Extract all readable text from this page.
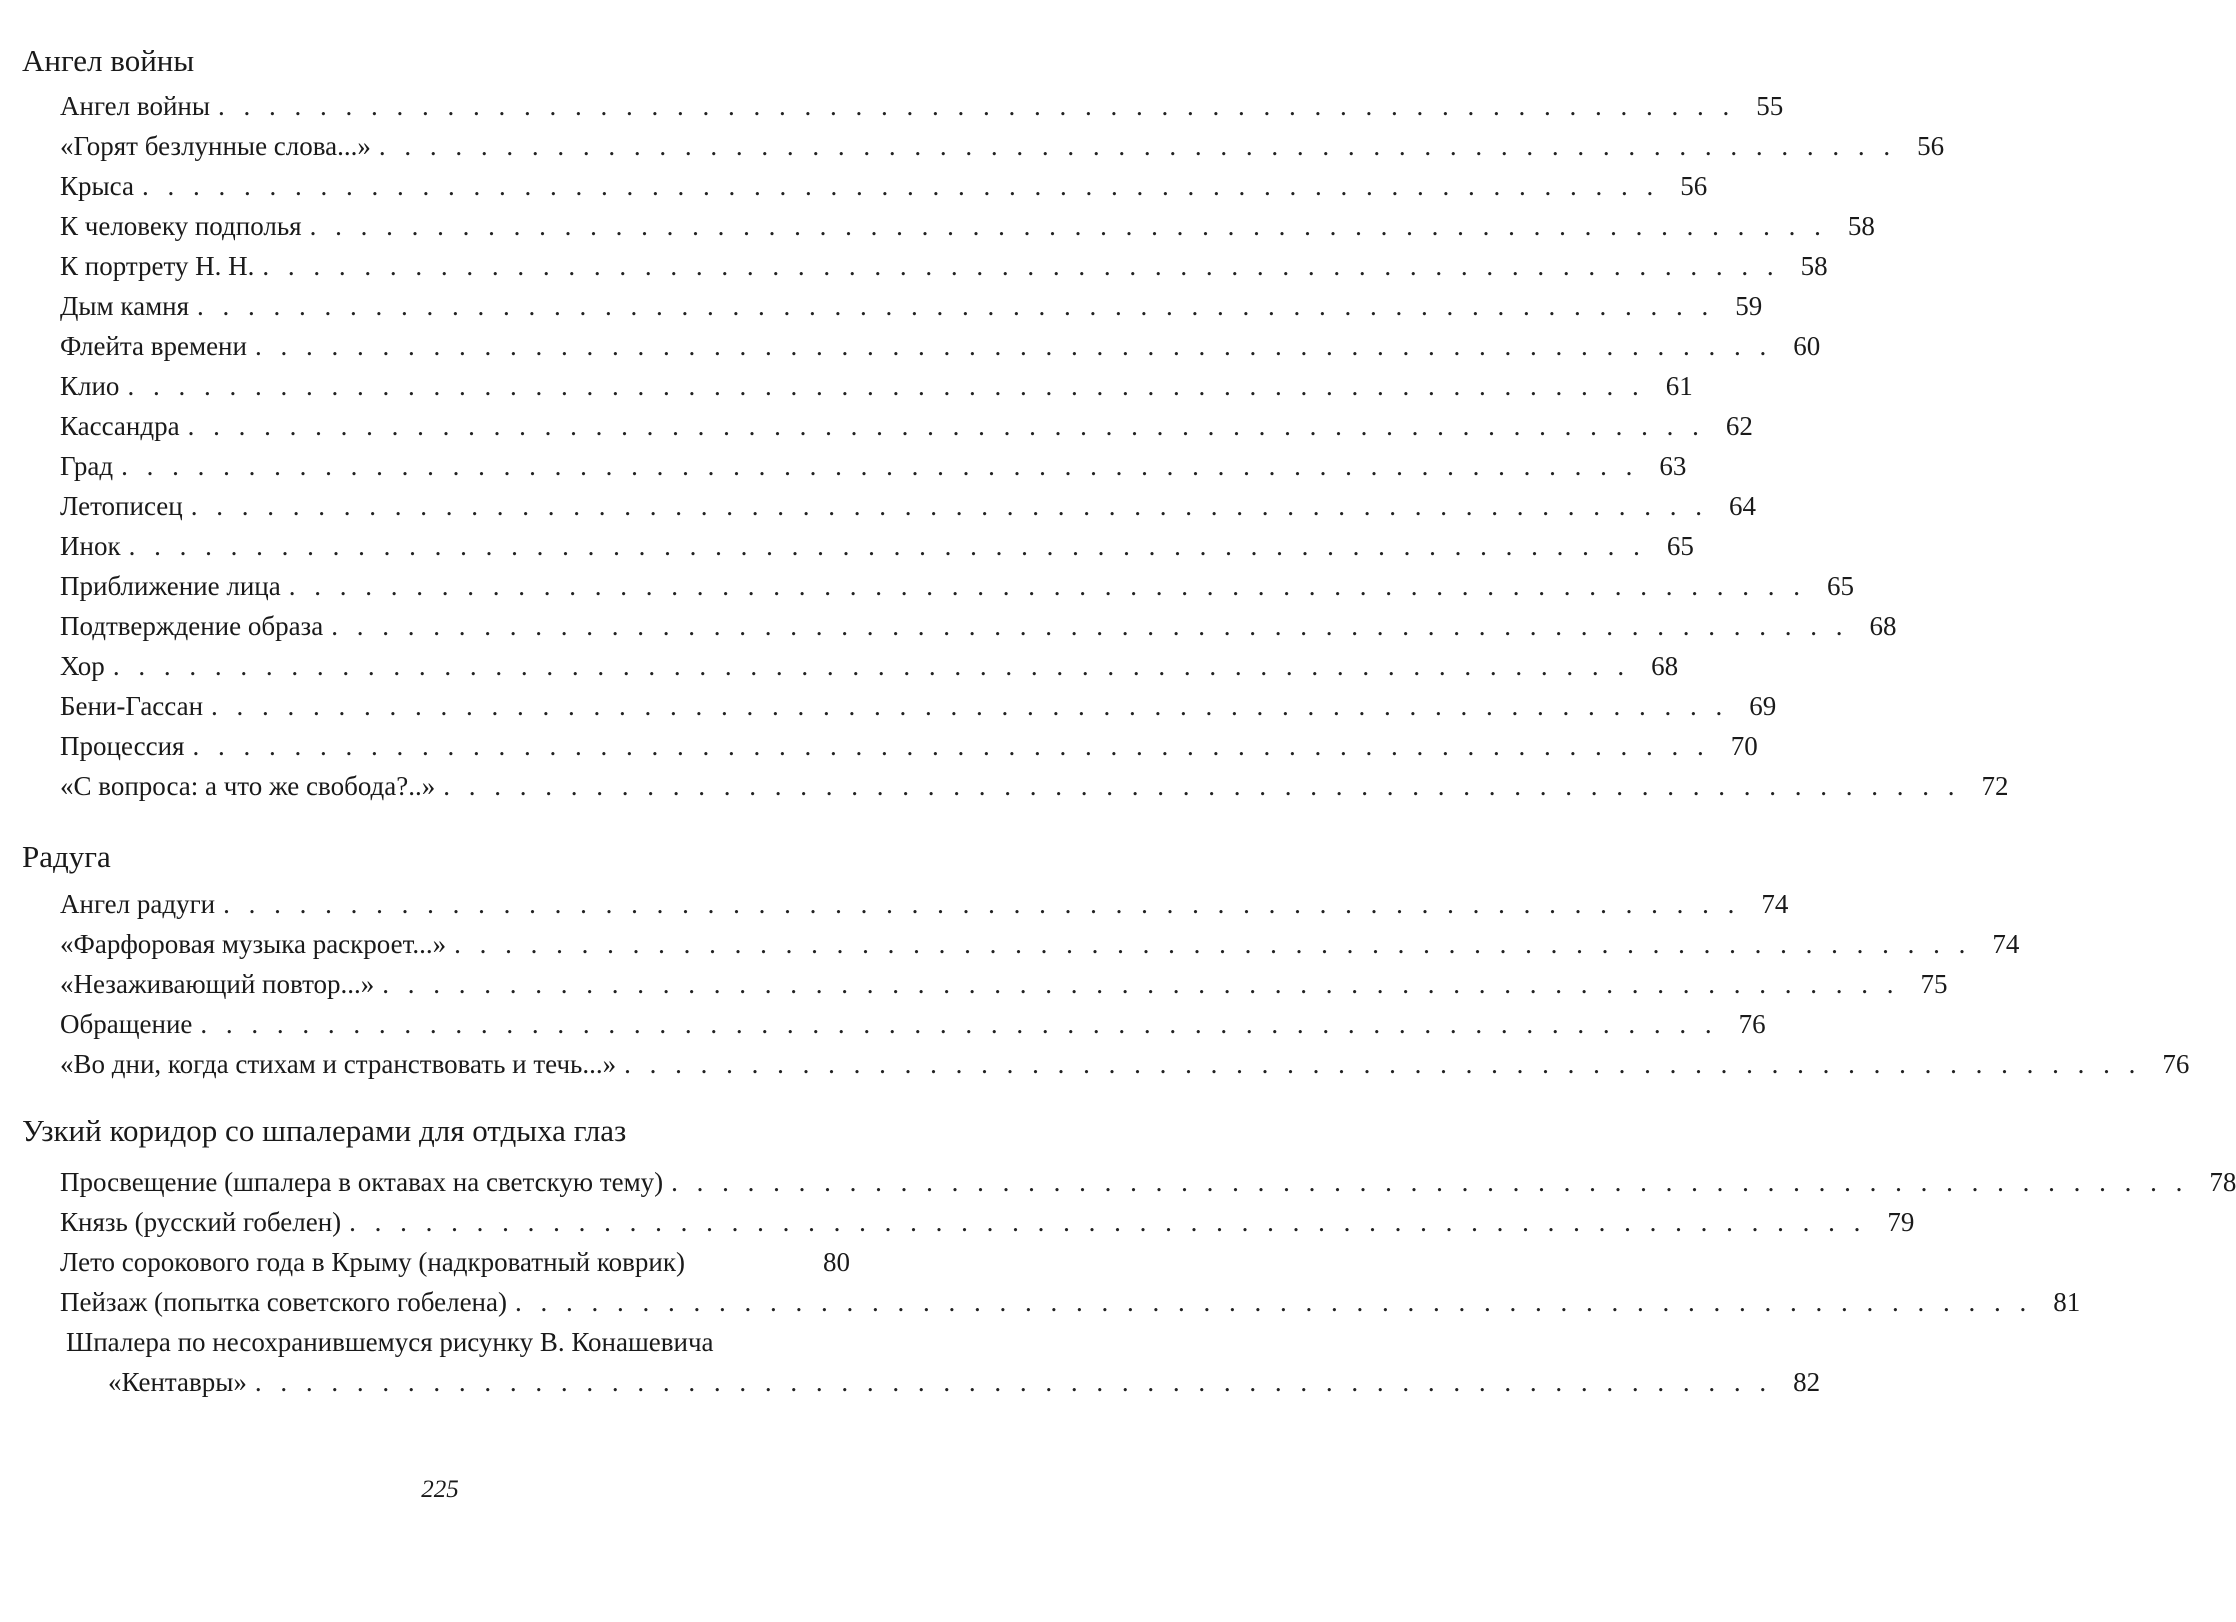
Ангел войны
Ангел войны . . . . . . . . . . . . . . . . . . . . . . . . . . . . . . . . . . . . . . . . . . . . . . . . . . . . . . . . . . . . 55
«Горят безлунные слова...» . . . . . . . . . . . . . . . . . . . . . . . . . . . . . . . . . . . . . . . . . . . . . . . . . . . . . . . . . . . . 56
Крыса . . . . . . . . . . . . . . . . . . . . . . . . . . . . . . . . . . . . . . . . . . . . . . . . . . . . . . . . . . . . 56
К человеку подполья . . . . . . . . . . . . . . . . . . . . . . . . . . . . . . . . . . . . . . . . . . . . . . . . . . . . . . . . . . . . 58
К портрету Н. Н. . . . . . . . . . . . . . . . . . . . . . . . . . . . . . . . . . . . . . . . . . . . . . . . . . . . . . . . . . . . . 58
Дым камня . . . . . . . . . . . . . . . . . . . . . . . . . . . . . . . . . . . . . . . . . . . . . . . . . . . . . . . . . . . . 59
Флейта времени . . . . . . . . . . . . . . . . . . . . . . . . . . . . . . . . . . . . . . . . . . . . . . . . . . . . . . . . . . . . 60
Клио . . . . . . . . . . . . . . . . . . . . . . . . . . . . . . . . . . . . . . . . . . . . . . . . . . . . . . . . . . . . 61
Кассандра . . . . . . . . . . . . . . . . . . . . . . . . . . . . . . . . . . . . . . . . . . . . . . . . . . . . . . . . . . . . 62
Град . . . . . . . . . . . . . . . . . . . . . . . . . . . . . . . . . . . . . . . . . . . . . . . . . . . . . . . . . . . . 63
Летописец . . . . . . . . . . . . . . . . . . . . . . . . . . . . . . . . . . . . . . . . . . . . . . . . . . . . . . . . . . . . 64
Инок . . . . . . . . . . . . . . . . . . . . . . . . . . . . . . . . . . . . . . . . . . . . . . . . . . . . . . . . . . . . 65
Приближение лица . . . . . . . . . . . . . . . . . . . . . . . . . . . . . . . . . . . . . . . . . . . . . . . . . . . . . . . . . . . . 65
Подтверждение образа . . . . . . . . . . . . . . . . . . . . . . . . . . . . . . . . . . . . . . . . . . . . . . . . . . . . . . . . . . . . 68
Хор . . . . . . . . . . . . . . . . . . . . . . . . . . . . . . . . . . . . . . . . . . . . . . . . . . . . . . . . . . . . 68
Бени-Гассан . . . . . . . . . . . . . . . . . . . . . . . . . . . . . . . . . . . . . . . . . . . . . . . . . . . . . . . . . . . . 69
Процессия . . . . . . . . . . . . . . . . . . . . . . . . . . . . . . . . . . . . . . . . . . . . . . . . . . . . . . . . . . . . 70
«С вопроса: а что же свобода?..» . . . . . . . . . . . . . . . . . . . . . . . . . . . . . . . . . . . . . . . . . . . . . . . . . . . . . . . . . . . . 72
Радуга
Ангел радуги . . . . . . . . . . . . . . . . . . . . . . . . . . . . . . . . . . . . . . . . . . . . . . . . . . . . . . . . . . . . 74
«Фарфоровая музыка раскроет...» . . . . . . . . . . . . . . . . . . . . . . . . . . . . . . . . . . . . . . . . . . . . . . . . . . . . . . . . . . . . 74
«Незаживающий повтор...» . . . . . . . . . . . . . . . . . . . . . . . . . . . . . . . . . . . . . . . . . . . . . . . . . . . . . . . . . . . . 75
Обращение . . . . . . . . . . . . . . . . . . . . . . . . . . . . . . . . . . . . . . . . . . . . . . . . . . . . . . . . . . . . 76
«Во дни, когда стихам и странствовать и течь...» . . . . . . . . . . . . . . . . . . . . . . . . . . . . . . . . . . . . . . . . . . . . . . . . . . . . . . . . . . . . 76
Узкий коридор со шпалерами для отдыха глаз
Просвещение (шпалера в октавах на светскую тему) . . . . . . . . . . . . . . . . . . . . . . . . . . . . . . . . . . . . . . . . . . . . . . . . . . . . . . . . . . . . 78
Князь (русский гобелен) . . . . . . . . . . . . . . . . . . . . . . . . . . . . . . . . . . . . . . . . . . . . . . . . . . . . . . . . . . . . 79
Лето сорокового года в Крыму (надкроватный коврик)	80
Пейзаж (попытка советского гобелена) . . . . . . . . . . . . . . . . . . . . . . . . . . . . . . . . . . . . . . . . . . . . . . . . . . . . . . . . . . . . 81
Шпалера по несохранившемуся рисунку В. Конашевича
«Кентавры» . . . . . . . . . . . . . . . . . . . . . . . . . . . . . . . . . . . . . . . . . . . . . . . . . . . . . . . . . . . . 82
225
